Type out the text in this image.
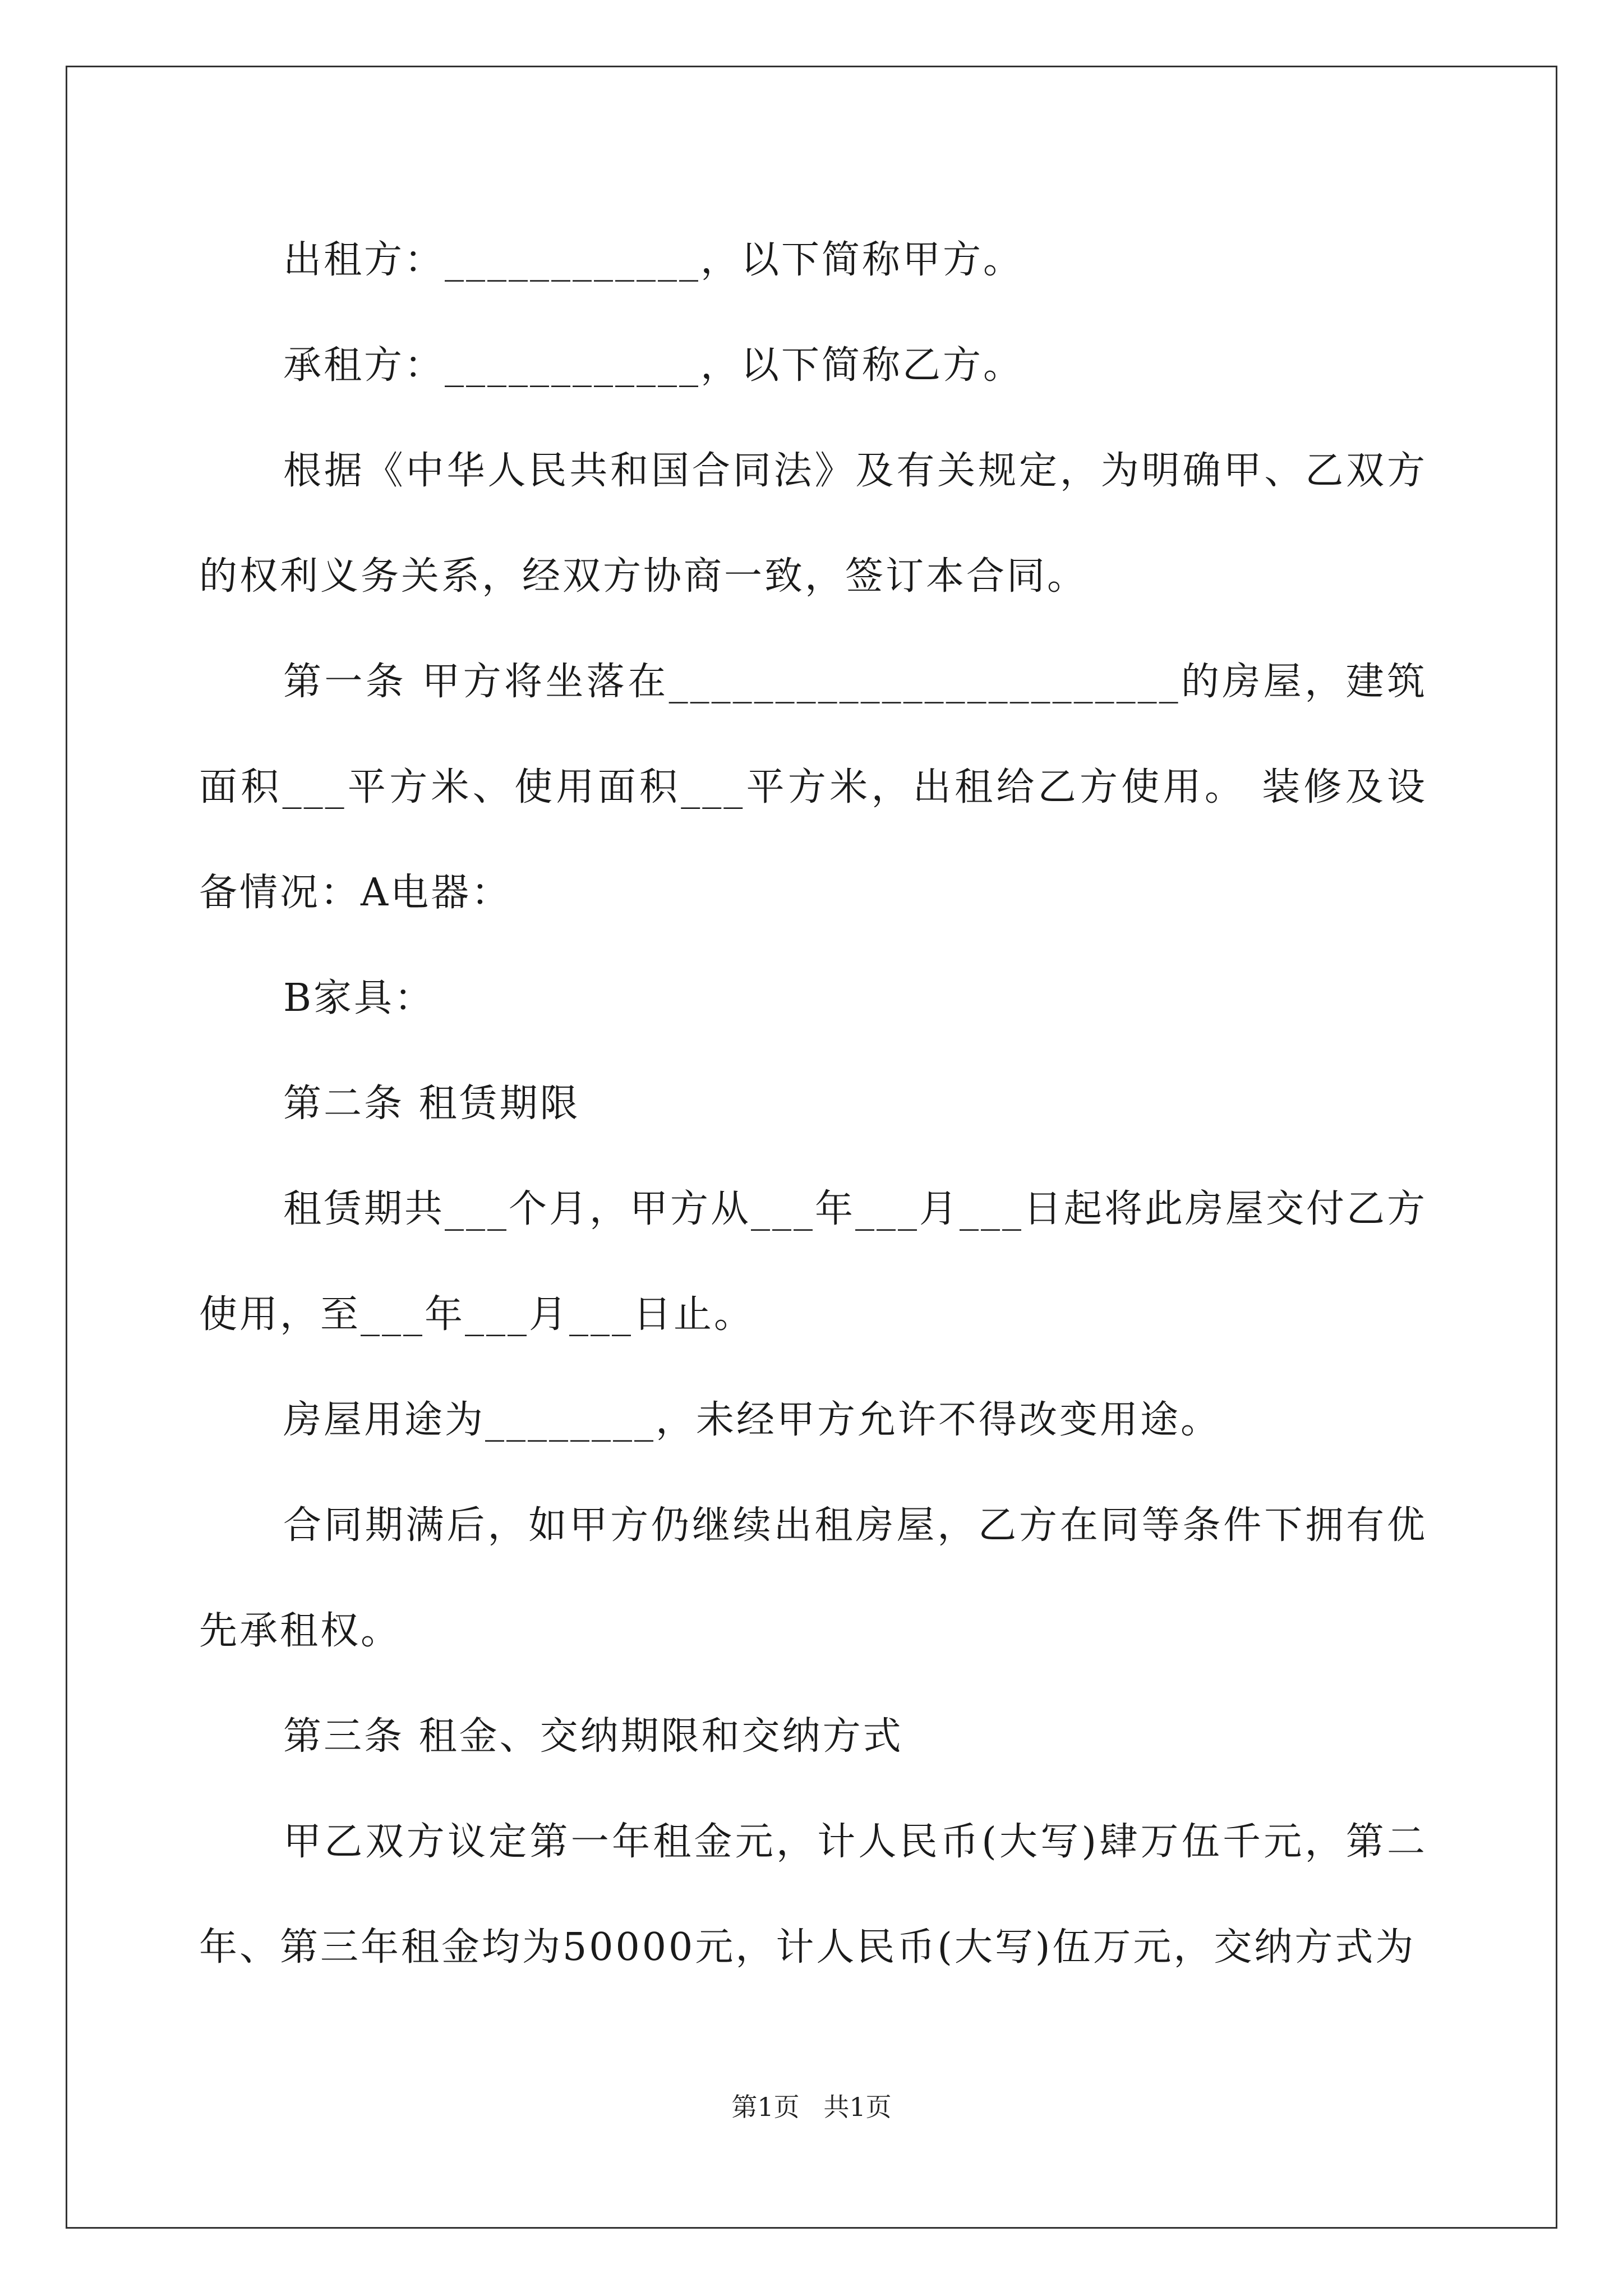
出租方：____________，以下简称甲方。

承租方：____________，以下简称乙方。

根据《中华人民共和国合同法》及有关规定，为明确甲、乙双方的权利义务关系，经双方协商一致，签订本合同。

第一条 甲方将坐落在________________________的房屋，建筑面积___平方米、使用面积___平方米，出租给乙方使用。 装修及设备情况：A电器：

B家具：

第二条 租赁期限

租赁期共___个月，甲方从___年___月___日起将此房屋交付乙方使用，至___年___月___日止。

房屋用途为________，未经甲方允许不得改变用途。

合同期满后，如甲方仍继续出租房屋，乙方在同等条件下拥有优先承租权。

第三条 租金、交纳期限和交纳方式

甲乙双方议定第一年租金元，计人民币(大写)肆万伍千元，第二年、第三年租金均为50000元，计人民币(大写)伍万元，交纳方式为

第1页 共1页
